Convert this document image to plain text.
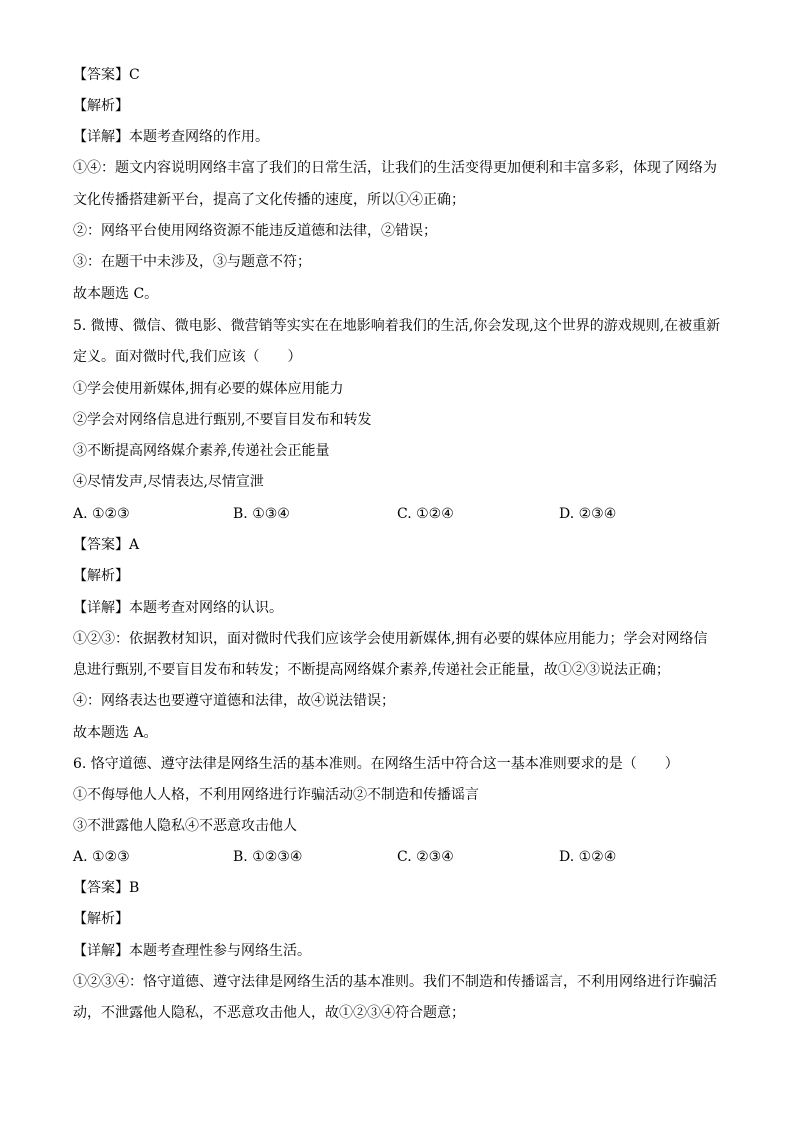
【答案】C
【解析】
【详解】本题考查网络的作用。
①④：题文内容说明网络丰富了我们的日常生活，让我们的生活变得更加便利和丰富多彩，体现了网络为
文化传播搭建新平台，提高了文化传播的速度，所以①④正确；
②：网络平台使用网络资源不能违反道德和法律，②错误；
③：在题干中未涉及，③与题意不符；
故本题选 C。
5. 微博、微信、微电影、微营销等实实在在地影响着我们的生活,你会发现,这个世界的游戏规则,在被重新
定义。面对微时代,我们应该（　　）
①学会使用新媒体,拥有必要的媒体应用能力
②学会对网络信息进行甄别,不要盲目发布和转发
③不断提高网络媒介素养,传递社会正能量
④尽情发声,尽情表达,尽情宣泄
A. ①②③	B. ①③④	C. ①②④	D. ②③④
【答案】A
【解析】
【详解】本题考查对网络的认识。
①②③：依据教材知识，面对微时代我们应该学会使用新媒体,拥有必要的媒体应用能力；学会对网络信
息进行甄别,不要盲目发布和转发；不断提高网络媒介素养,传递社会正能量，故①②③说法正确；
④：网络表达也要遵守道德和法律，故④说法错误；
故本题选 A。
6. 恪守道德、遵守法律是网络生活的基本准则。在网络生活中符合这一基本准则要求的是（　　）
①不侮辱他人人格，不利用网络进行诈骗活动②不制造和传播谣言
③不泄露他人隐私④不恶意攻击他人
A. ①②③	B. ①②③④	C. ②③④	D. ①②④
【答案】B
【解析】
【详解】本题考查理性参与网络生活。
①②③④：恪守道德、遵守法律是网络生活的基本准则。我们不制造和传播谣言，不利用网络进行诈骗活
动，不泄露他人隐私，不恶意攻击他人，故①②③④符合题意；
